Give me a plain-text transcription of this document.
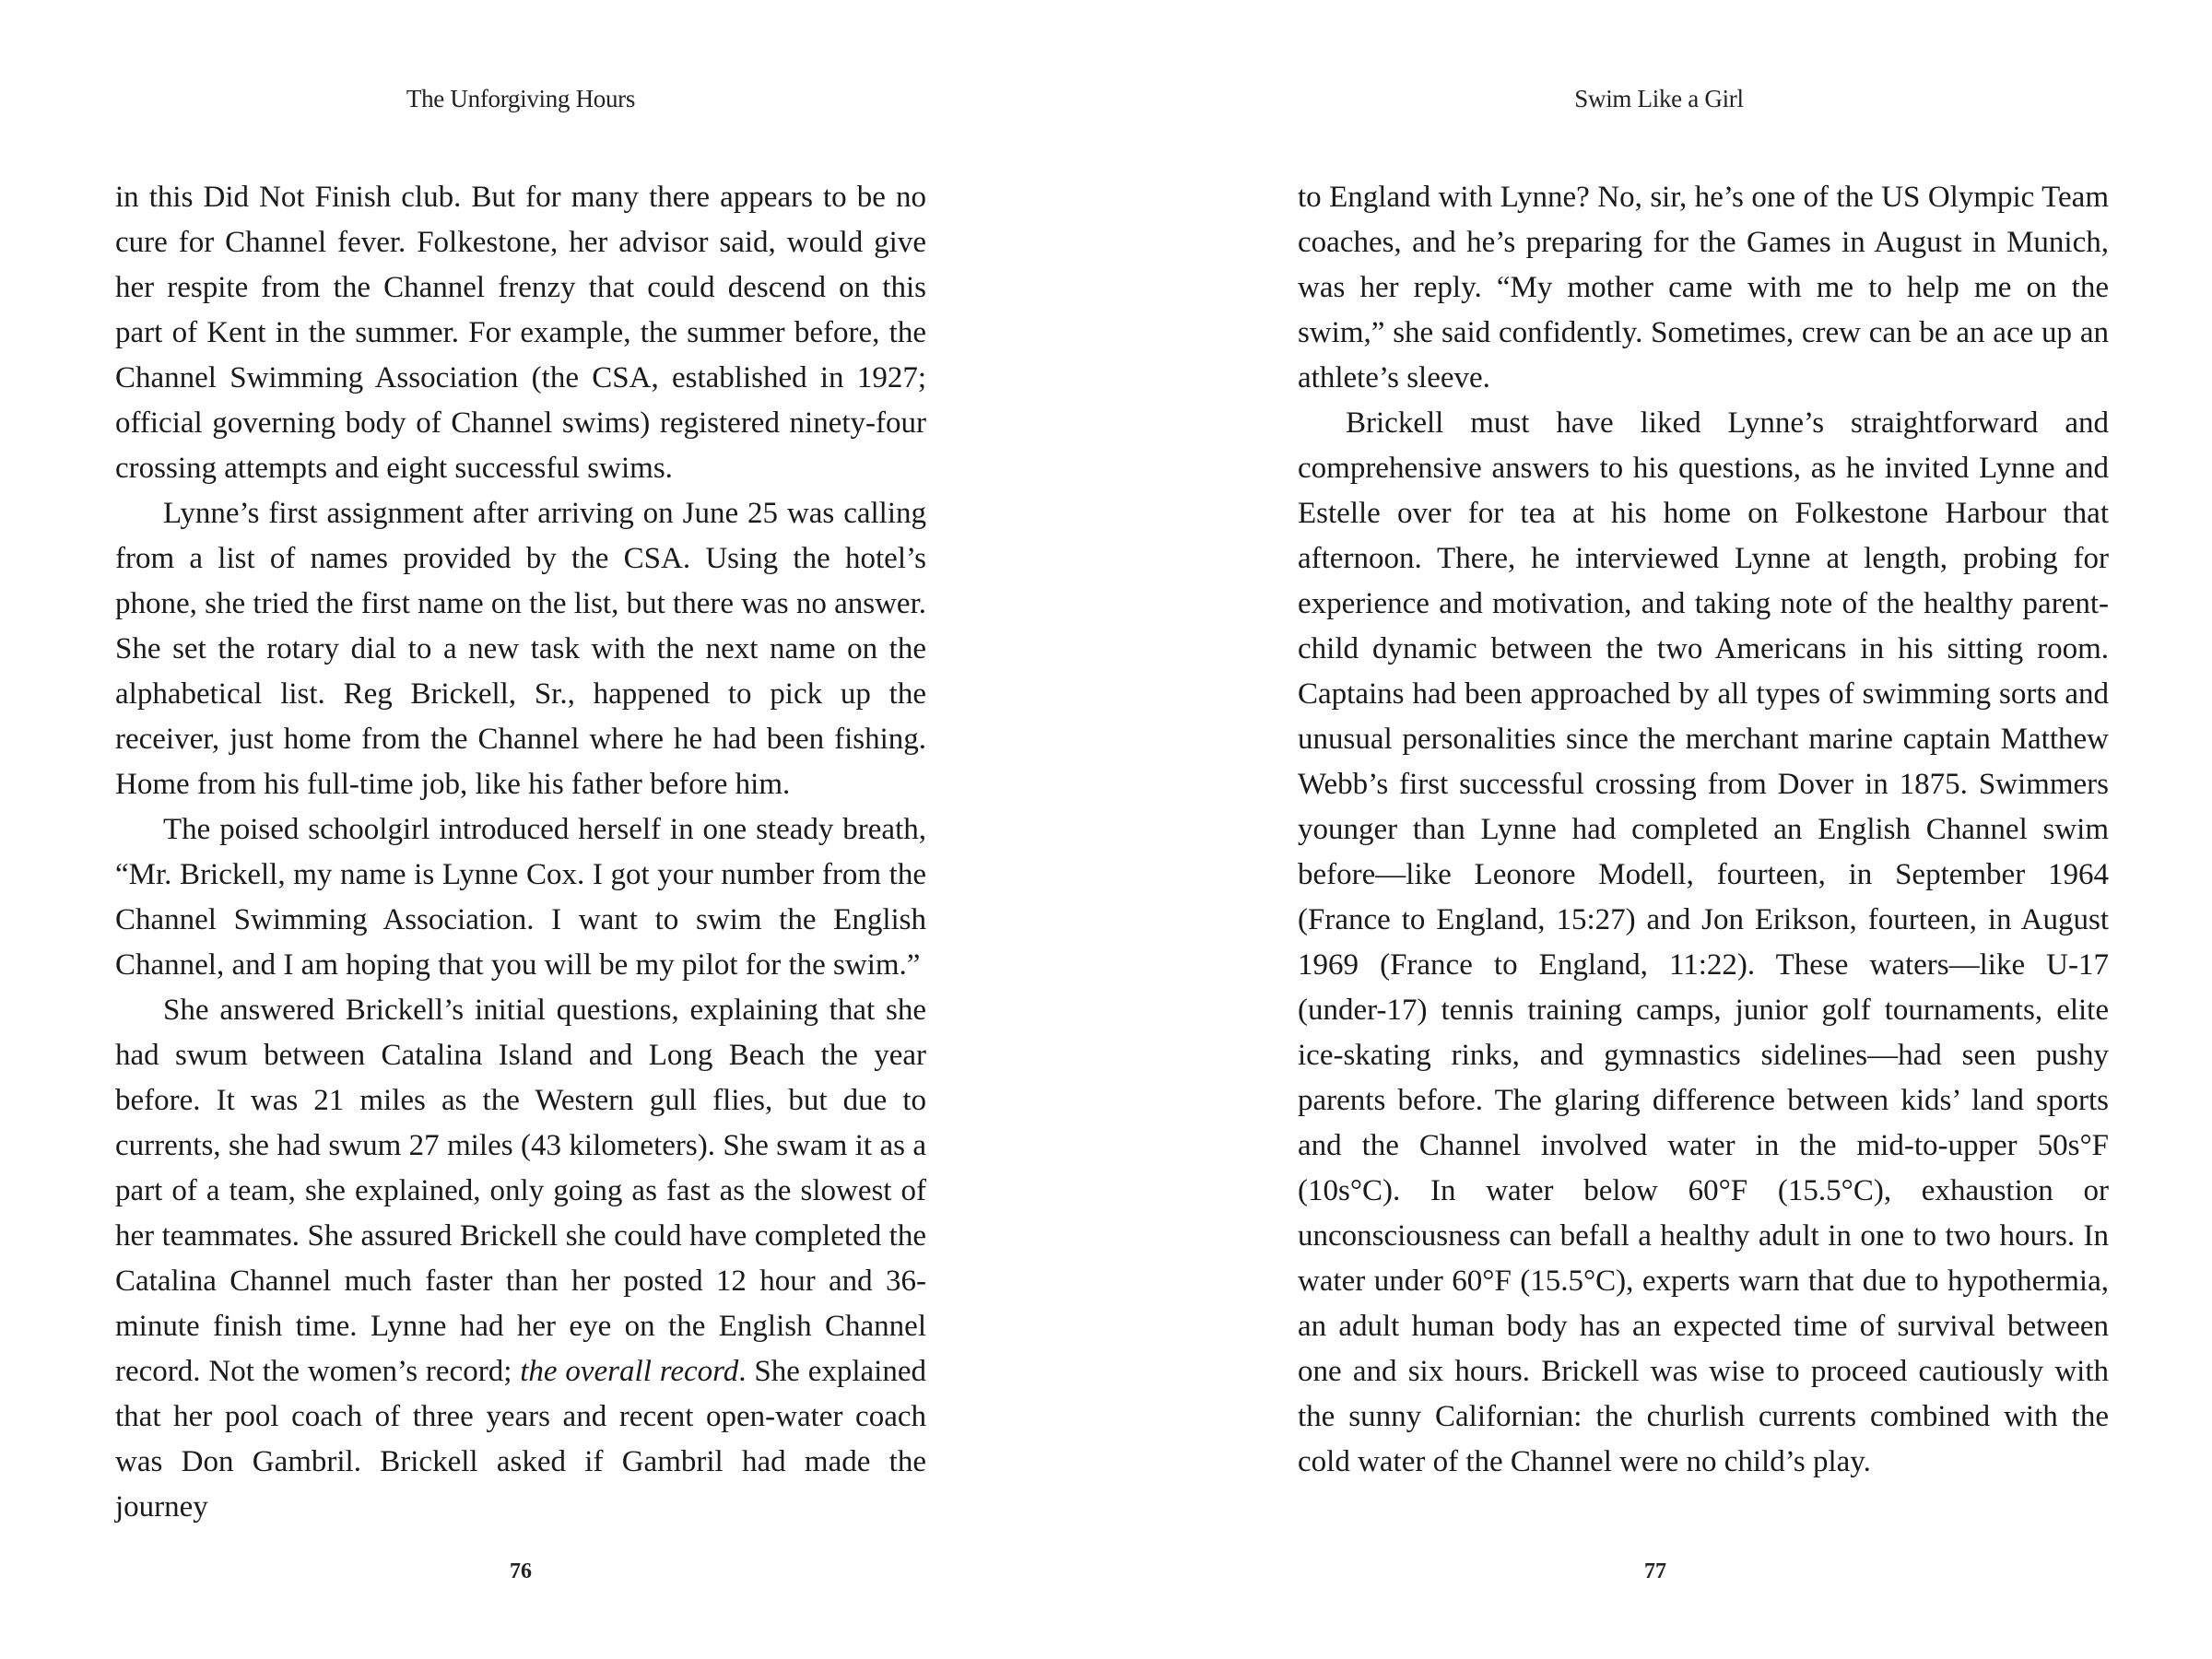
The Unforgiving Hours

in this Did Not Finish club. But for many there appears to be no cure for Channel fever. Folkestone, her advisor said, would give her respite from the Channel frenzy that could descend on this part of Kent in the summer. For example, the summer before, the Channel Swimming Association (the CSA, established in 1927; official governing body of Channel swims) registered ninety-four crossing attempts and eight successful swims.

Lynne’s first assignment after arriving on June 25 was calling from a list of names provided by the CSA. Using the hotel’s phone, she tried the first name on the list, but there was no answer. She set the rotary dial to a new task with the next name on the alphabetical list. Reg Brickell, Sr., happened to pick up the receiver, just home from the Channel where he had been fishing. Home from his full-time job, like his father before him.

The poised schoolgirl introduced herself in one steady breath, “Mr. Brickell, my name is Lynne Cox. I got your number from the Channel Swimming Association. I want to swim the English Channel, and I am hoping that you will be my pilot for the swim.”

She answered Brickell’s initial questions, explaining that she had swum between Catalina Island and Long Beach the year before. It was 21 miles as the Western gull flies, but due to currents, she had swum 27 miles (43 kilometers). She swam it as a part of a team, she explained, only going as fast as the slowest of her teammates. She assured Brickell she could have completed the Catalina Channel much faster than her posted 12 hour and 36-minute finish time. Lynne had her eye on the English Channel record. Not the women’s record; the overall record. She explained that her pool coach of three years and recent open-water coach was Don Gambril. Brickell asked if Gambril had made the journey

76
Swim Like a Girl

to England with Lynne? No, sir, he’s one of the US Olympic Team coaches, and he’s preparing for the Games in August in Munich, was her reply. “My mother came with me to help me on the swim,” she said confidently. Sometimes, crew can be an ace up an athlete’s sleeve.

Brickell must have liked Lynne’s straightforward and comprehensive answers to his questions, as he invited Lynne and Estelle over for tea at his home on Folkestone Harbour that afternoon. There, he interviewed Lynne at length, probing for experience and motivation, and taking note of the healthy parent-child dynamic between the two Americans in his sitting room. Captains had been approached by all types of swimming sorts and unusual personalities since the merchant marine captain Matthew Webb’s first successful crossing from Dover in 1875. Swimmers younger than Lynne had completed an English Channel swim before—like Leonore Modell, fourteen, in September 1964 (France to England, 15:27) and Jon Erikson, fourteen, in August 1969 (France to England, 11:22). These waters—like U-17 (under-17) tennis training camps, junior golf tournaments, elite ice-skating rinks, and gymnastics sidelines—had seen pushy parents before. The glaring difference between kids’ land sports and the Channel involved water in the mid-to-upper 50s°F (10s°C). In water below 60°F (15.5°C), exhaustion or unconsciousness can befall a healthy adult in one to two hours. In water under 60°F (15.5°C), experts warn that due to hypothermia, an adult human body has an expected time of survival between one and six hours. Brickell was wise to proceed cautiously with the sunny Californian: the churlish currents combined with the cold water of the Channel were no child’s play.

77
